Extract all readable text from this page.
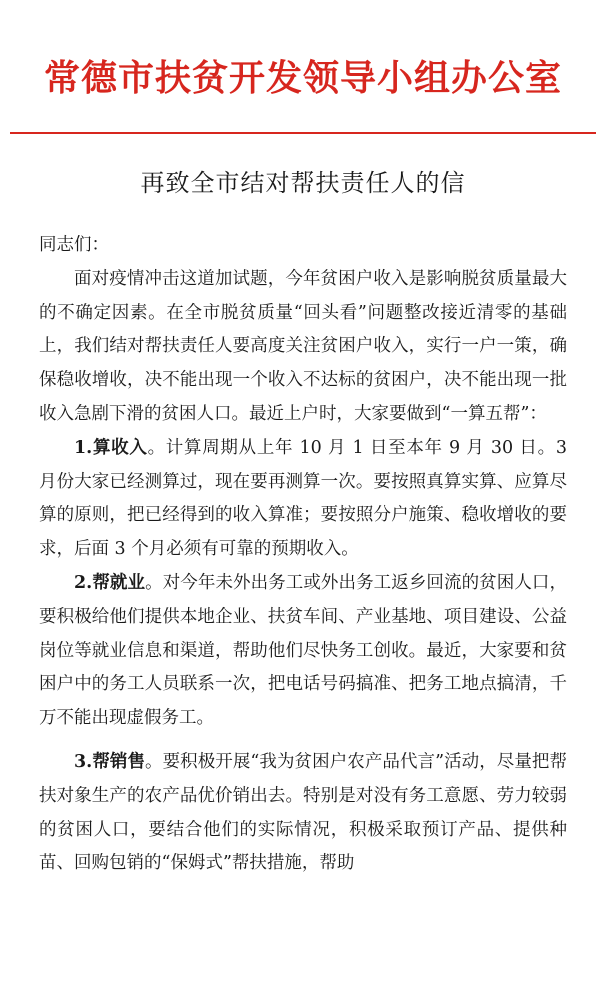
常德市扶贫开发领导小组办公室
再致全市结对帮扶责任人的信

同志们：

面对疫情冲击这道加试题，今年贫困户收入是影响脱贫质量最大的不确定因素。在全市脱贫质量“回头看”问题整改接近清零的基础上，我们结对帮扶责任人要高度关注贫困户收入，实行一户一策，确保稳收增收，决不能出现一个收入不达标的贫困户，决不能出现一批收入急剧下滑的贫困人口。最近上户时，大家要做到“一算五帮”：

1.算收入。计算周期从上年 10 月 1 日至本年 9 月 30 日。3 月份大家已经测算过，现在要再测算一次。要按照真算实算、应算尽算的原则，把已经得到的收入算准；要按照分户施策、稳收增收的要求，后面 3 个月必须有可靠的预期收入。

2.帮就业。对今年未外出务工或外出务工返乡回流的贫困人口，要积极给他们提供本地企业、扶贫车间、产业基地、项目建设、公益岗位等就业信息和渠道，帮助他们尽快务工创收。最近，大家要和贫困户中的务工人员联系一次，把电话号码搞准、把务工地点搞清，千万不能出现虚假务工。

3.帮销售。要积极开展“我为贫困户农产品代言”活动，尽量把帮扶对象生产的农产品优价销出去。特别是对没有务工意愿、劳力较弱的贫困人口，要结合他们的实际情况，积极采取预订产品、提供种苗、回购包销的“保姆式”帮扶措施，帮助
